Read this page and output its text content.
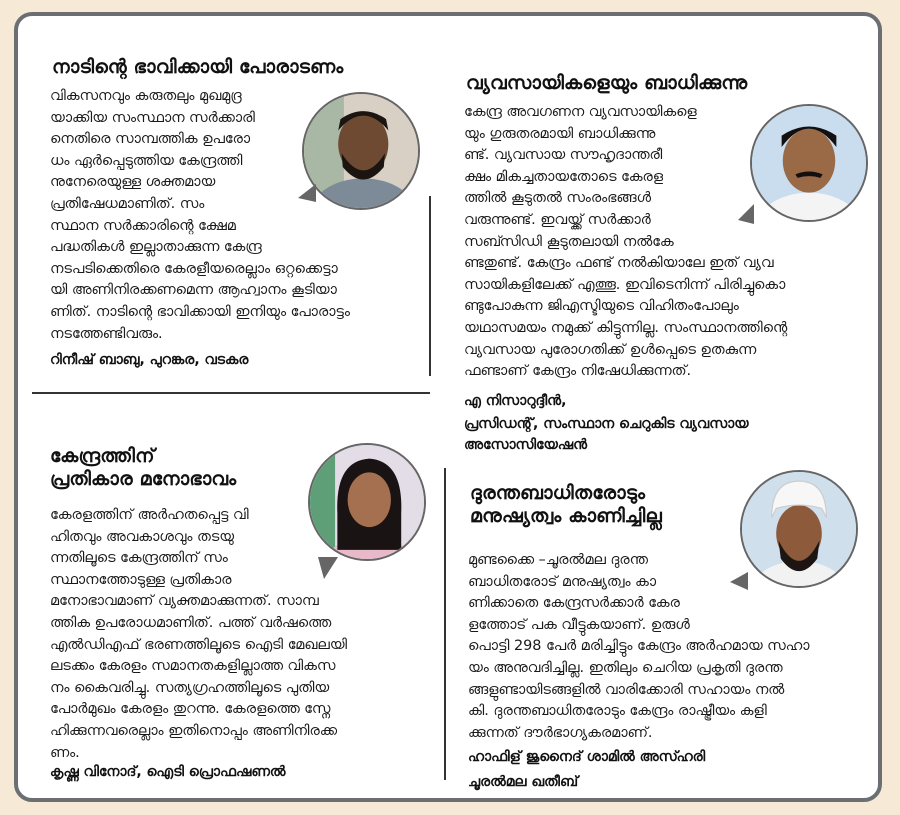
നാടിന്റെ ഭാവിക്കായി പോരാടണം
വികസനവും കരുതലും മുഖമുദ്ര
യാക്കിയ സംസ്ഥാന സർക്കാരി
നെതിരെ സാമ്പത്തിക ഉപരോ
ധം ഏർപ്പെടുത്തിയ കേന്ദ്രത്തി
നുനേരെയുള്ള ശക്തമായ
പ്രതിഷേധമാണിത്. സം
സ്ഥാന സർക്കാരിന്റെ ക്ഷേമ
പദ്ധതികൾ ഇല്ലാതാക്കുന്ന കേന്ദ്ര
നടപടിക്കെതിരെ കേരളീയരെല്ലാം ഒറ്റക്കെട്ടാ
യി അണിനിരക്കണമെന്ന ആഹ്വാനം കൂടിയാ
ണിത്. നാടിന്റെ ഭാവിക്കായി ഇനിയും പോരാട്ടം
നടത്തേണ്ടിവരും.
റിനീഷ് ബാബു, പുറങ്കര, വടകര
വ്യവസായികളെയും ബാധിക്കുന്നു
കേന്ദ്ര അവഗണന വ്യവസായികളെ
യും ഗുരുതരമായി ബാധിക്കുന്നു
ണ്ട്. വ്യവസായ സൗഹൃദാന്തരീ
ക്ഷം മികച്ചതായതോടെ കേരള
ത്തിൽ കൂടുതൽ സംരംഭങ്ങൾ
വരുന്നുണ്ട്. ഇവയ്ക്ക് സർക്കാർ
സബ്സിഡി കൂടുതലായി നൽകേ
ണ്ടതുണ്ട്. കേന്ദ്രം ഫണ്ട് നൽകിയാലേ ഇത് വ്യവ
സായികളിലേക്ക് എത്തൂ. ഇവിടെനിന്ന് പിരിച്ചുകൊ
ണ്ടുപോകുന്ന ജിഎസ്ടിയുടെ വിഹിതംപോലും
യഥാസമയം നമുക്ക് കിട്ടുന്നില്ല. സംസ്ഥാനത്തിന്റെ
വ്യവസായ പുരോഗതിക്ക് ഉൾപ്പെടെ ഉതകുന്ന
ഫണ്ടാണ് കേന്ദ്രം നിഷേധിക്കുന്നത്.
എ നിസാറുദ്ദീൻ,
പ്രസിഡന്റ്, സംസ്ഥാന ചെറുകിട വ്യവസായ
അസോസിയേഷൻ
കേന്ദ്രത്തിന്
പ്രതികാര മനോഭാവം
കേരളത്തിന് അർഹതപ്പെട്ട വി
ഹിതവും അവകാശവും തടയു
ന്നതിലൂടെ കേന്ദ്രത്തിന് സം
സ്ഥാനത്തോടുള്ള പ്രതികാര
മനോഭാവമാണ് വ്യക്തമാക്കുന്നത്. സാമ്പ
ത്തിക ഉപരോധമാണിത്. പത്ത് വർഷത്തെ
എൽഡിഎഫ് ഭരണത്തിലൂടെ ഐടി മേഖലയി
ലടക്കം കേരളം സമാനതകളില്ലാത്ത വികസ
നം കൈവരിച്ചു. സത്യഗ്രഹത്തിലൂടെ പുതിയ
പോർമുഖം കേരളം തുറന്നു. കേരളത്തെ സ്നേ
ഹിക്കുന്നവരെല്ലാം ഇതിനൊപ്പം അണിനിരക്ക
ണം.
കൃഷ്ണ വിനോദ്, ഐടി പ്രൊഫഷണൽ
ദുരന്തബാധിതരോടും
മനുഷ്യത്വം കാണിച്ചില്ല
മുണ്ടക്കൈ –ചൂരൽമല ദുരന്ത
ബാധിതരോട് മനുഷ്യത്വം കാ
ണിക്കാതെ കേന്ദ്രസർക്കാർ കേര
ളത്തോട് പക വീട്ടുകയാണ്. ഉരുൾ
പൊട്ടി 298 പേർ മരിച്ചിട്ടും കേന്ദ്രം അർഹമായ സഹാ
യം അനുവദിച്ചില്ല. ഇതിലും ചെറിയ പ്രകൃതി ദുരന്ത
ങ്ങളുണ്ടായിടങ്ങളിൽ വാരിക്കോരി സഹായം നൽ
കി. ദുരന്തബാധിതരോടും കേന്ദ്രം രാഷ്ട്രീയം കളി
ക്കുന്നത് ദൗർഭാഗ്യകരമാണ്.
ഹാഫിള് ജുനൈദ് ശാമിൽ അസ്ഹരി
ചൂരൽമല ഖതീബ്
